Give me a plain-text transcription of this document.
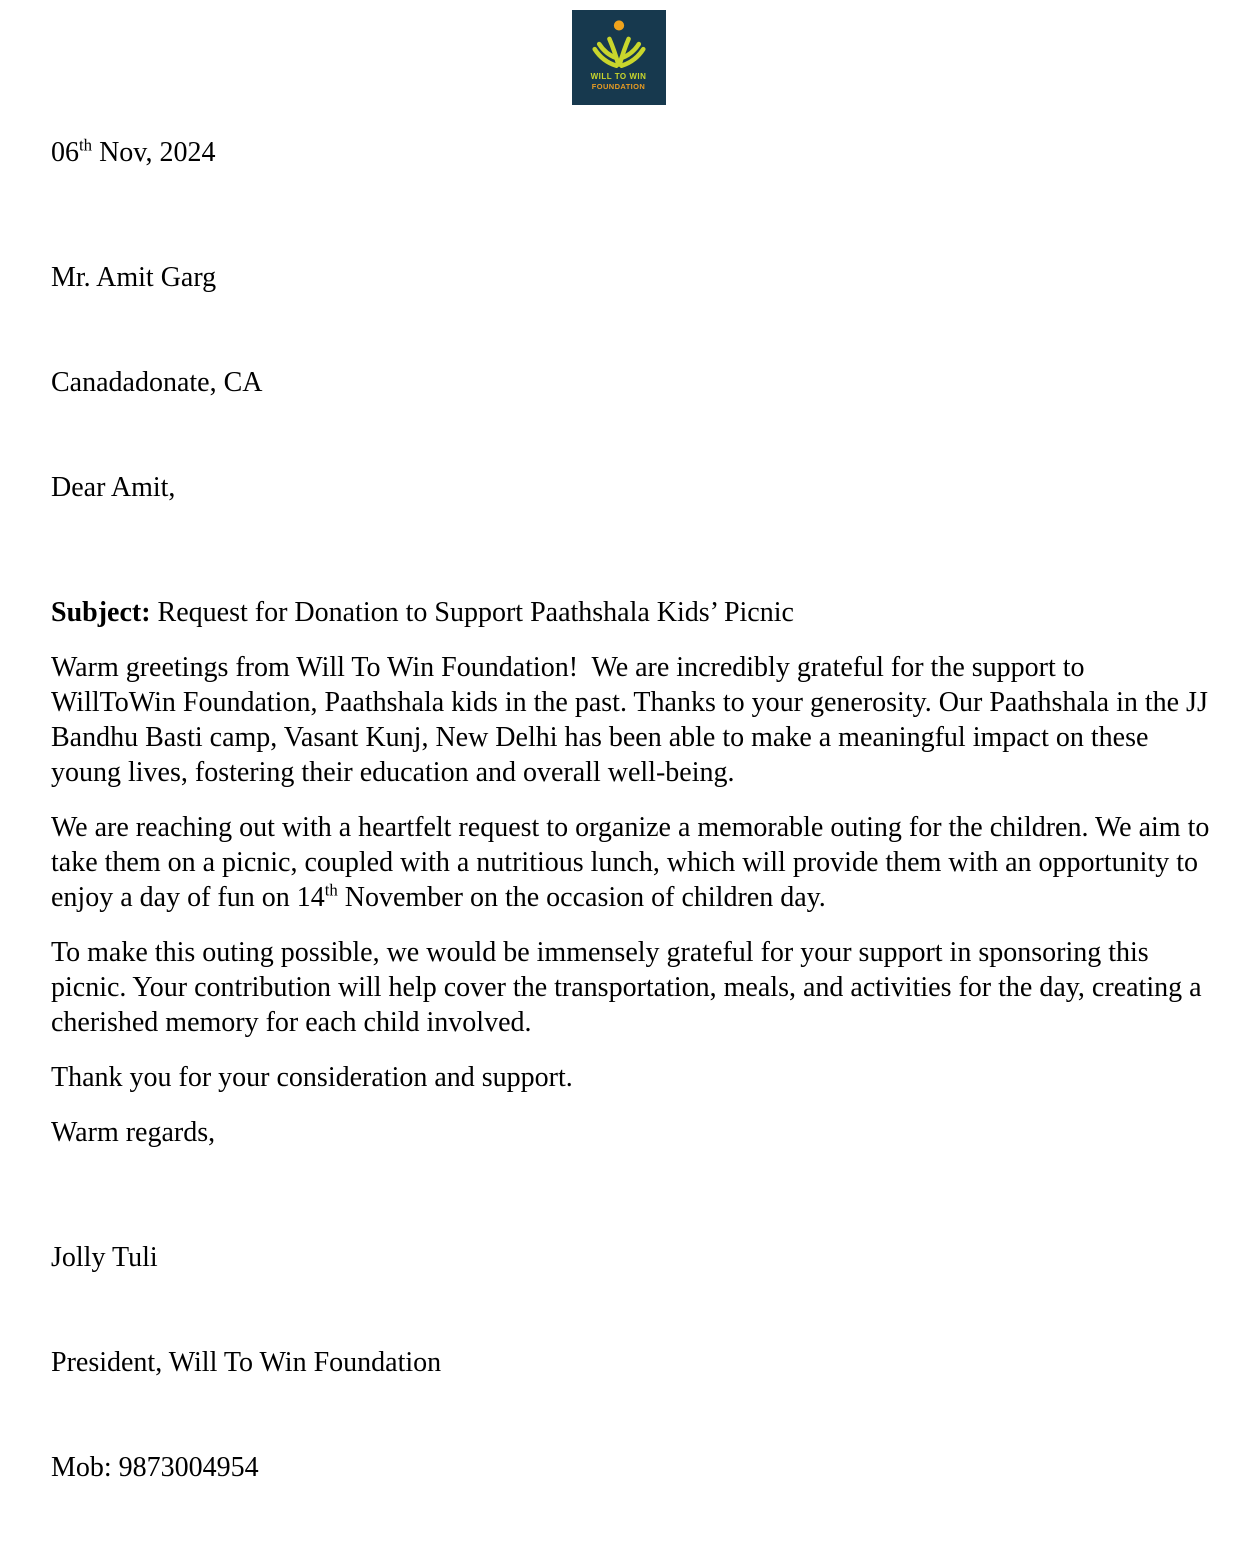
WILL TO WIN
FOUNDATION

06th Nov, 2024

Mr. Amit Garg

Canadadonate, CA

Dear Amit,

Subject: Request for Donation to Support Paathshala Kids’ Picnic

Warm greetings from Will To Win Foundation!  We are incredibly grateful for the support to WillToWin Foundation, Paathshala kids in the past. Thanks to your generosity. Our Paathshala in the JJ Bandhu Basti camp, Vasant Kunj, New Delhi has been able to make a meaningful impact on these young lives, fostering their education and overall well-being.

We are reaching out with a heartfelt request to organize a memorable outing for the children. We aim to take them on a picnic, coupled with a nutritious lunch, which will provide them with an opportunity to enjoy a day of fun on 14th November on the occasion of children day.

To make this outing possible, we would be immensely grateful for your support in sponsoring this picnic. Your contribution will help cover the transportation, meals, and activities for the day, creating a cherished memory for each child involved.

Thank you for your consideration and support.

Warm regards,

Jolly Tuli

President, Will To Win Foundation

Mob: 9873004954
